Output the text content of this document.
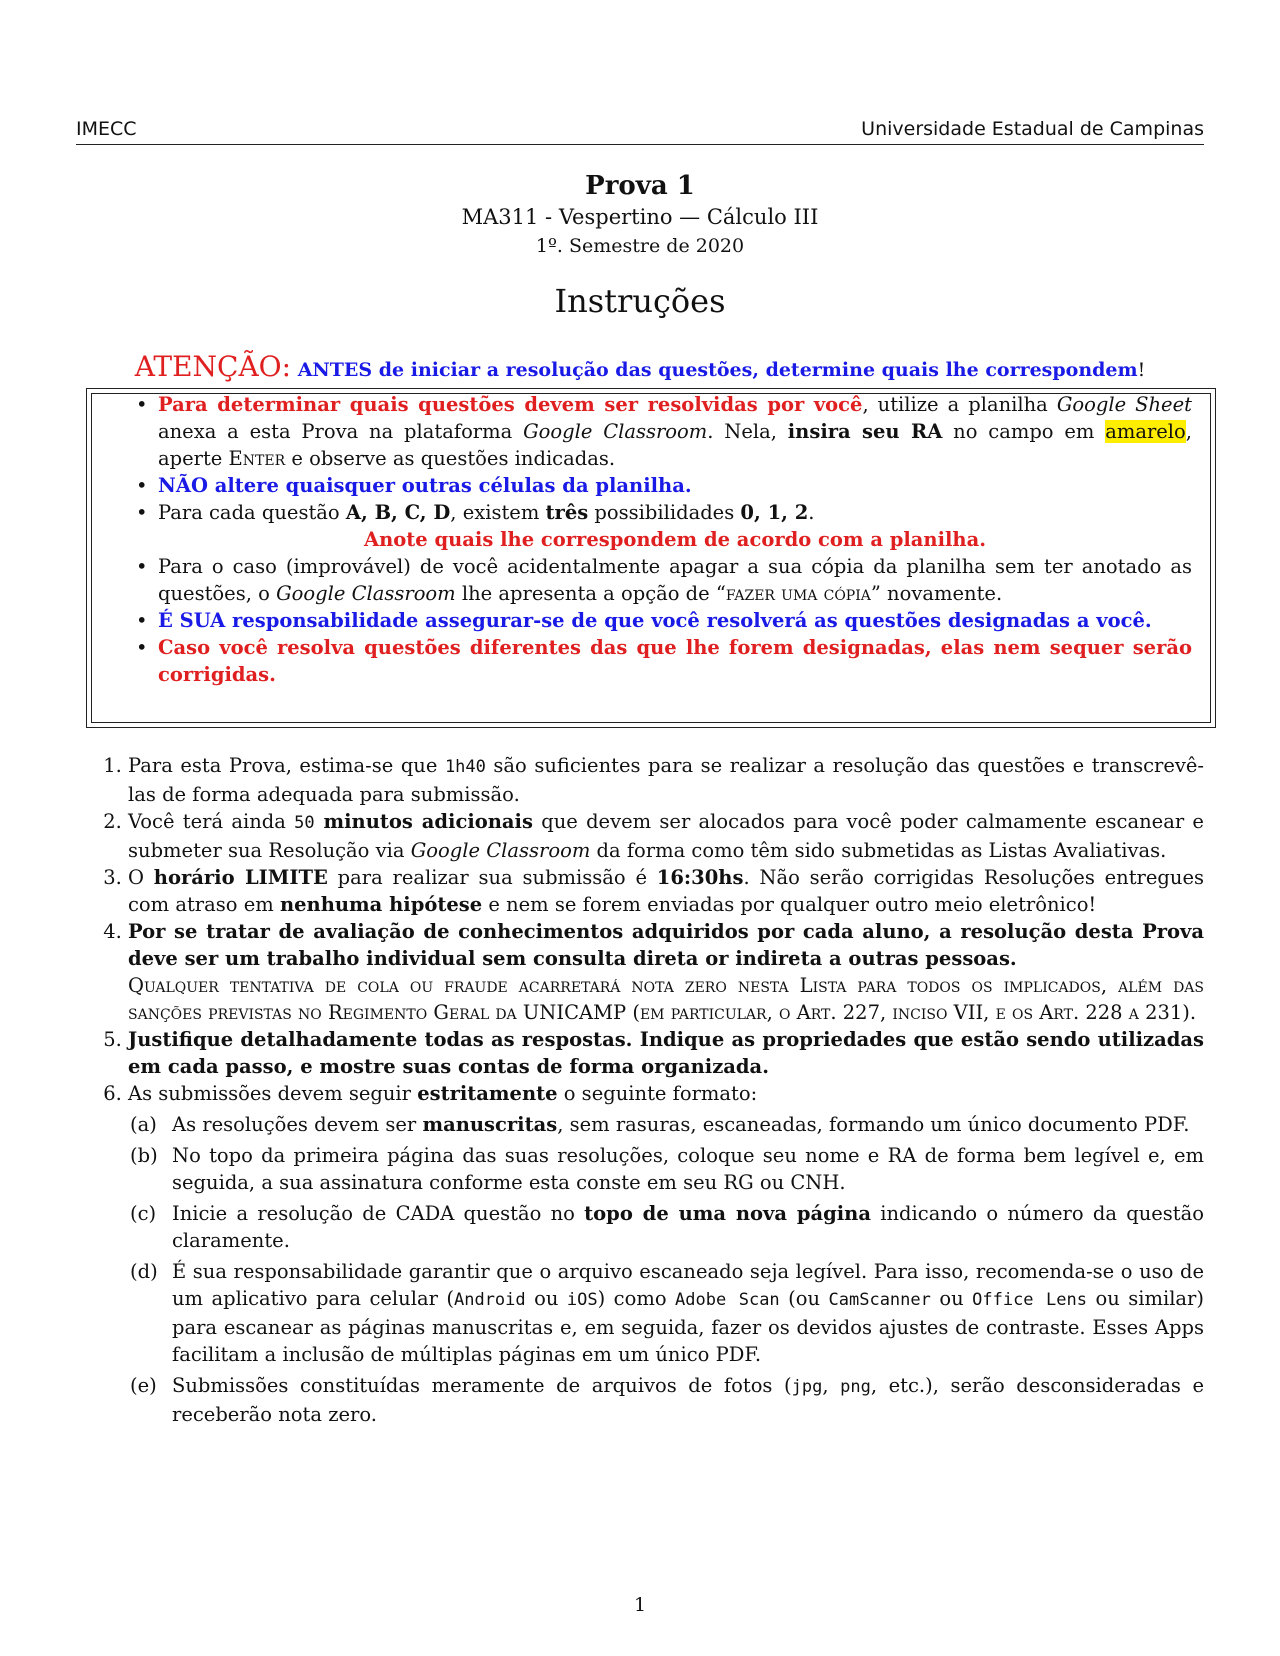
IMECC	Universidade Estadual de Campinas

Prova 1

MA311 - Vespertino — Cálculo III

1º. Semestre de 2020

Instruções

ATENÇÃO: ANTES de iniciar a resolução das questões, determine quais lhe correspondem!
• Para determinar quais questões devem ser resolvidas por você, utilize a planilha Google Sheet anexa a esta Prova na plataforma Google Classroom. Nela, insira seu RA no campo em amarelo, aperte Enter e observe as questões indicadas.
• NÃO altere quaisquer outras células da planilha.
• Para cada questão A, B, C, D, existem três possibilidades 0, 1, 2.
Anote quais lhe correspondem de acordo com a planilha.
• Para o caso (improvável) de você acidentalmente apagar a sua cópia da planilha sem ter anotado as questões, o Google Classroom lhe apresenta a opção de “fazer uma cópia” novamente.
• É SUA responsabilidade assegurar-se de que você resolverá as questões designadas a você.
• Caso você resolva questões diferentes das que lhe forem designadas, elas nem sequer serão corrigidas.
1. Para esta Prova, estima-se que 1h40 são suficientes para se realizar a resolução das questões e transcrevê-las de forma adequada para submissão.
2. Você terá ainda 50 minutos adicionais que devem ser alocados para você poder calmamente escanear e submeter sua Resolução via Google Classroom da forma como têm sido submetidas as Listas Avaliativas.
3. O horário LIMITE para realizar sua submissão é 16:30hs. Não serão corrigidas Resoluções entregues com atraso em nenhuma hipótese e nem se forem enviadas por qualquer outro meio eletrônico!
4. Por se tratar de avaliação de conhecimentos adquiridos por cada aluno, a resolução desta Prova deve ser um trabalho individual sem consulta direta or indireta a outras pessoas.
Qualquer tentativa de cola ou fraude acarretará nota zero nesta Lista para todos os implicados, além das sanções previstas no Regimento Geral da UNICAMP (em particular, o Art. 227, inciso VII, e os Art. 228 a 231).
5. Justifique detalhadamente todas as respostas. Indique as propriedades que estão sendo utilizadas em cada passo, e mostre suas contas de forma organizada.
6. As submissões devem seguir estritamente o seguinte formato:
(a) As resoluções devem ser manuscritas, sem rasuras, escaneadas, formando um único documento PDF.
(b) No topo da primeira página das suas resoluções, coloque seu nome e RA de forma bem legível e, em seguida, a sua assinatura conforme esta conste em seu RG ou CNH.
(c) Inicie a resolução de CADA questão no topo de uma nova página indicando o número da questão claramente.
(d) É sua responsabilidade garantir que o arquivo escaneado seja legível. Para isso, recomenda-se o uso de um aplicativo para celular (Android ou iOS) como Adobe Scan (ou CamScanner ou Office Lens ou similar) para escanear as páginas manuscritas e, em seguida, fazer os devidos ajustes de contraste. Esses Apps facilitam a inclusão de múltiplas páginas em um único PDF.
(e) Submissões constituídas meramente de arquivos de fotos (jpg, png, etc.), serão desconsideradas e receberão nota zero.
1
